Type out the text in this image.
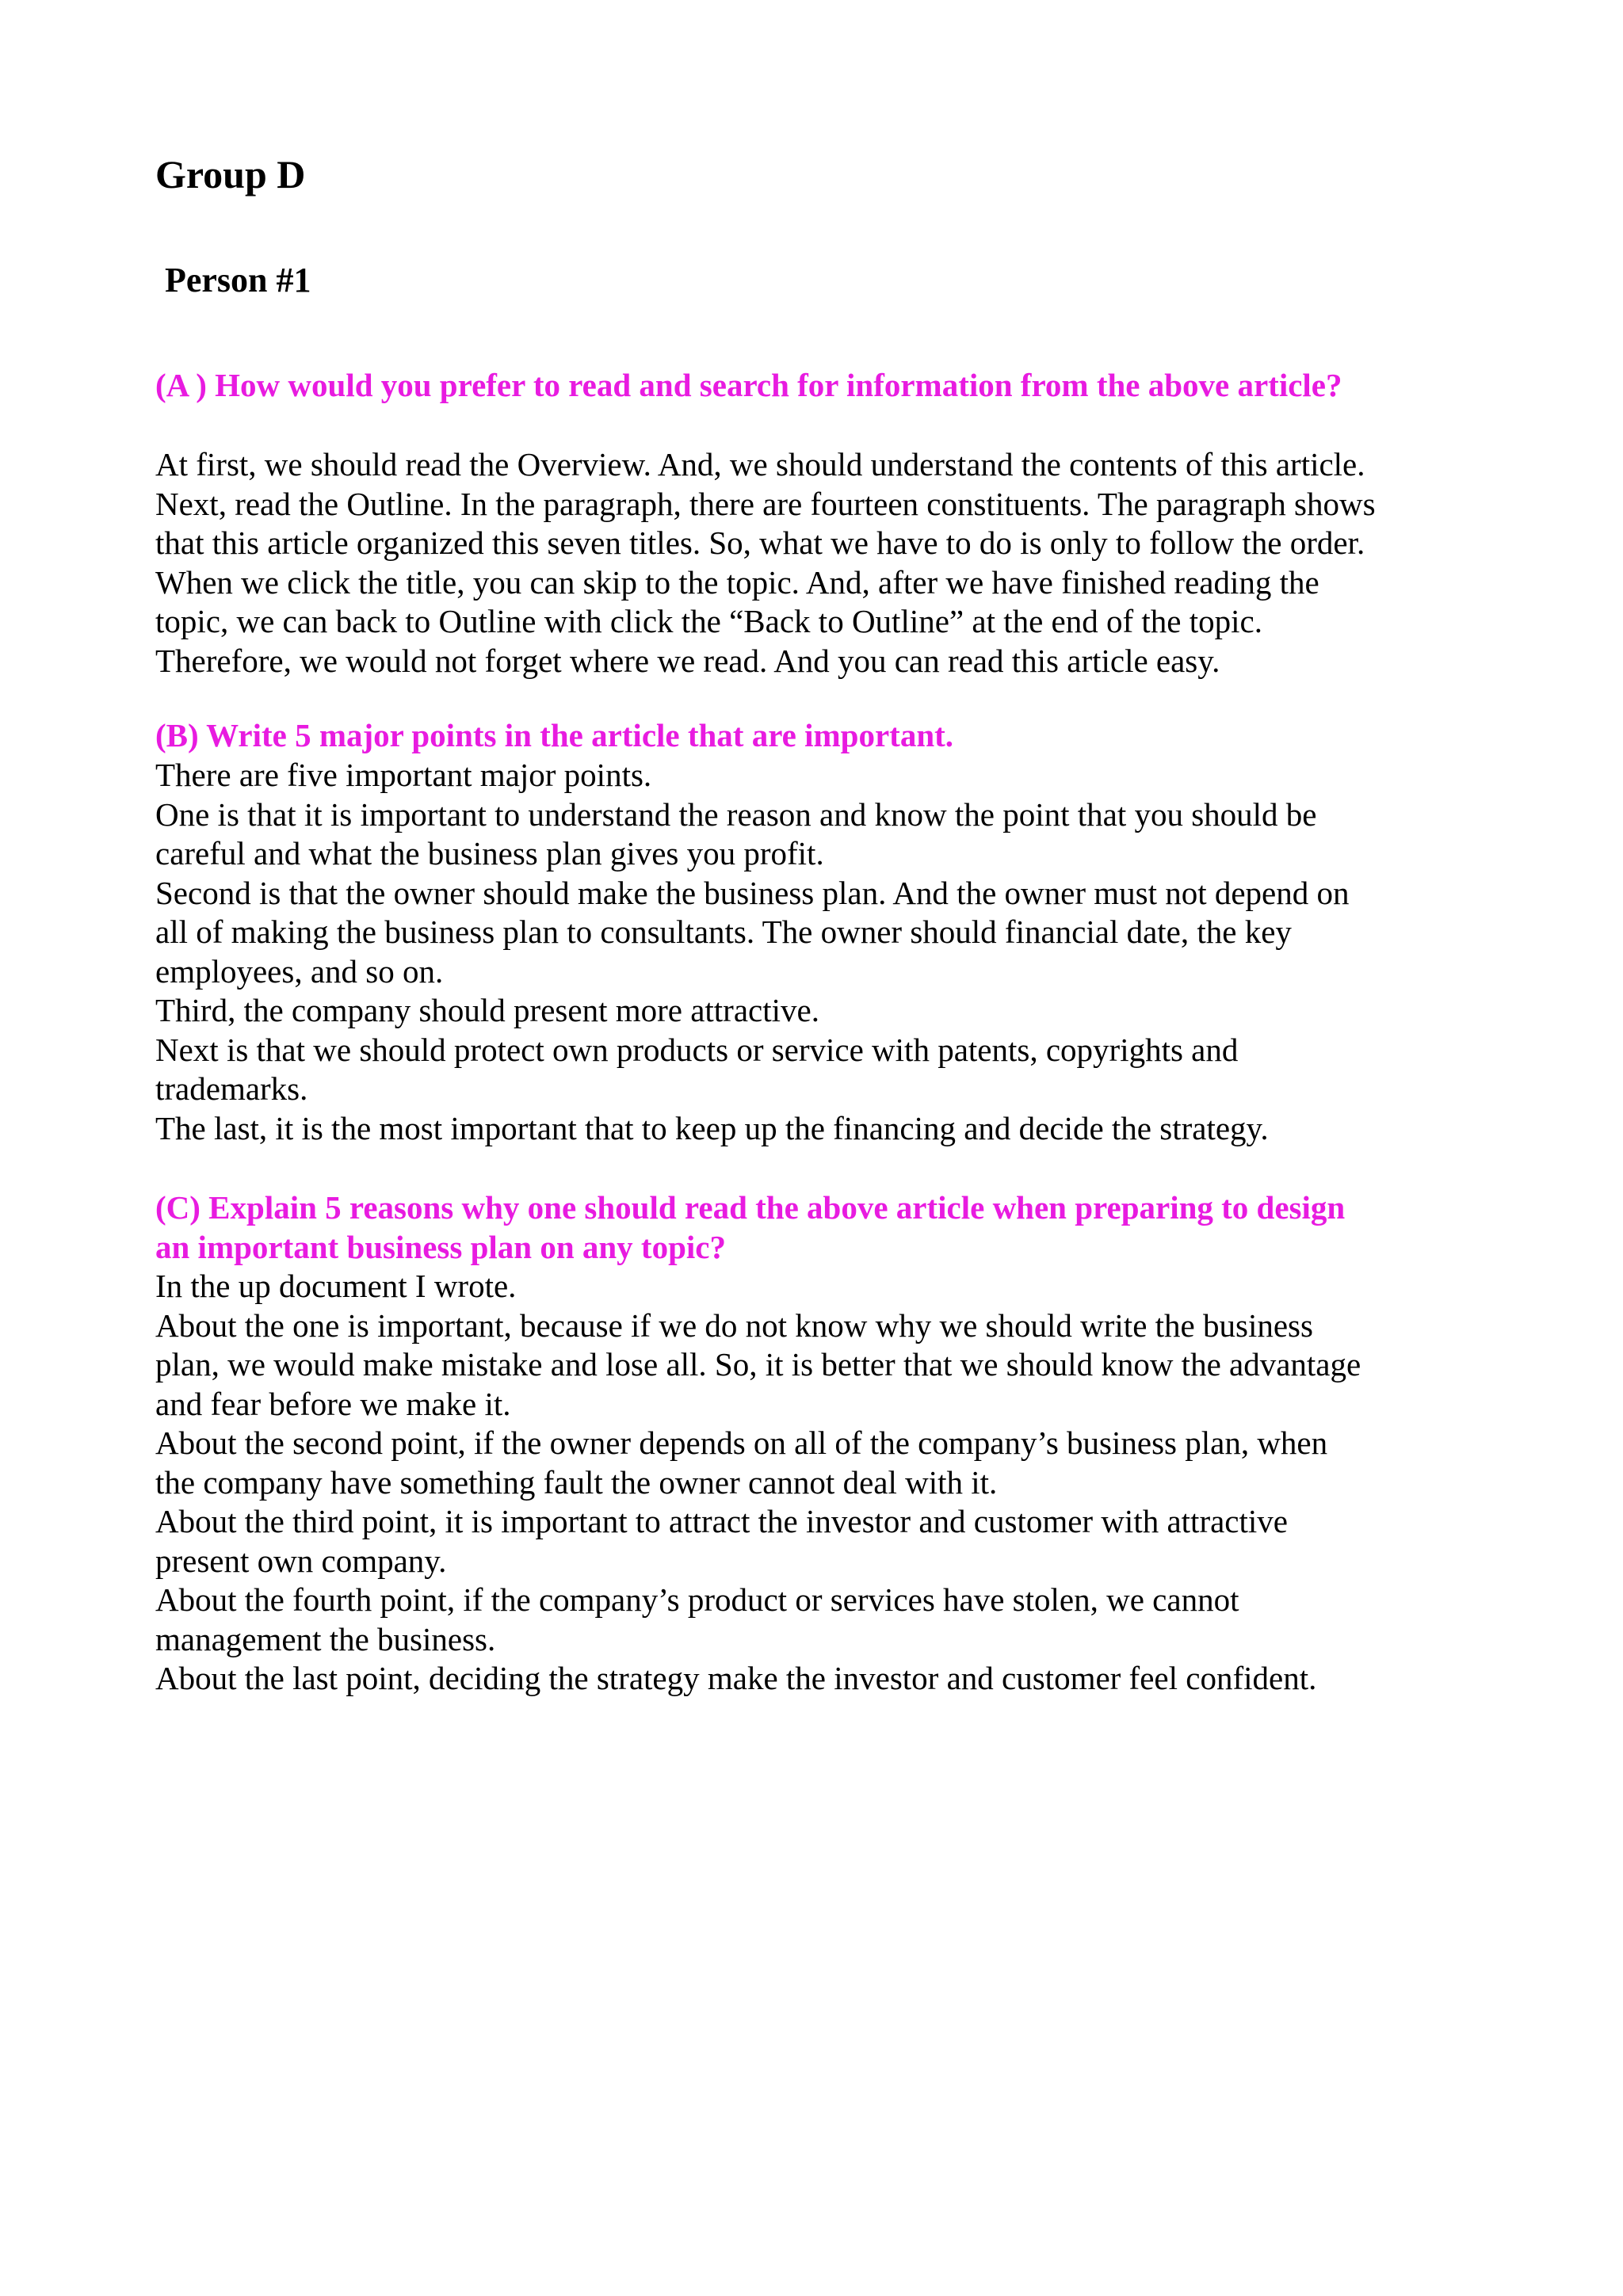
Group D
Person #1
(A ) How would you prefer to read and search for information from the above article?
At first, we should read the Overview. And, we should understand the contents of this article.
Next, read the Outline. In the paragraph, there are fourteen constituents. The paragraph shows
that this article organized this seven titles. So, what we have to do is only to follow the order.
When we click the title, you can skip to the topic. And, after we have finished reading the
topic, we can back to Outline with click the “Back to Outline” at the end of the topic.
Therefore, we would not forget where we read. And you can read this article easy.
(B) Write 5 major points in the article that are important.
There are five important major points.
One is that it is important to understand the reason and know the point that you should be
careful and what the business plan gives you profit.
Second is that the owner should make the business plan. And the owner must not depend on
all of making the business plan to consultants. The owner should financial date, the key
employees, and so on.
Third, the company should present more attractive.
Next is that we should protect own products or service with patents, copyrights and
trademarks.
The last, it is the most important that to keep up the financing and decide the strategy.
(C) Explain 5 reasons why one should read the above article when preparing to design
an important business plan on any topic?
In the up document I wrote.
About the one is important, because if we do not know why we should write the business
plan, we would make mistake and lose all. So, it is better that we should know the advantage
and fear before we make it.
About the second point, if the owner depends on all of the company’s business plan, when
the company have something fault the owner cannot deal with it.
About the third point, it is important to attract the investor and customer with attractive
present own company.
About the fourth point, if the company’s product or services have stolen, we cannot
management the business.
About the last point, deciding the strategy make the investor and customer feel confident.
